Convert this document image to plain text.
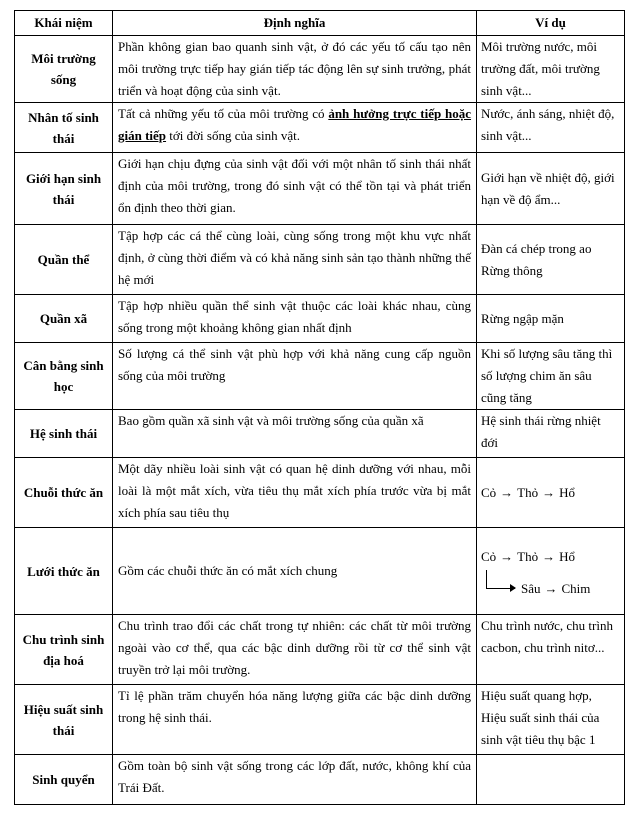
Khái niệm	Định nghĩa	Ví dụ
Môi trường sống	Phần không gian bao quanh sinh vật, ở đó các yếu tố cấu tạo nên môi trường trực tiếp hay gián tiếp tác động lên sự sinh trưởng, phát triển và hoạt động của sinh vật.	Môi trường nước, môi trường đất, môi trường sinh vật...
Nhân tố sinh thái	Tất cả những yếu tố của môi trường có ảnh hưởng trực tiếp hoặc gián tiếp tới đời sống của sinh vật.	Nước, ánh sáng, nhiệt độ, sinh vật...
Giới hạn sinh thái	Giới hạn chịu đựng của sinh vật đối với một nhân tố sinh thái nhất định của môi trường, trong đó sinh vật có thể tồn tại và phát triển ổn định theo thời gian.	Giới hạn về nhiệt độ, giới hạn về độ ẩm...
Quần thể	Tập hợp các cá thể cùng loài, cùng sống trong một khu vực nhất định, ở cùng thời điểm và có khả năng sinh sản tạo thành những thế hệ mới	Đàn cá chép trong ao
Rừng thông

Quần xã	Tập hợp nhiều quần thể sinh vật thuộc các loài khác nhau, cùng sống trong một khoảng không gian nhất định	Rừng ngập mặn
Cân bằng sinh học	Số lượng cá thể sinh vật phù hợp với khả năng cung cấp nguồn sống của môi trường	Khi số lượng sâu tăng thì số lượng chim ăn sâu cũng tăng
Hệ sinh thái	Bao gồm quần xã sinh vật và môi trường sống của quần xã	Hệ sinh thái rừng nhiệt đới
Chuỗi thức ăn	Một dãy nhiều loài sinh vật có quan hệ dinh dưỡng với nhau, mỗi loài là một mắt xích, vừa tiêu thụ mắt xích phía trước vừa bị mắt xích phía sau tiêu thụ	Cỏ → Thỏ → Hổ
Lưới thức ăn	Gồm các chuỗi thức ăn có mắt xích chung	Cỏ → Thỏ → Hổ
Sâu → Chim

Chu trình sinh địa hoá	Chu trình trao đổi các chất trong tự nhiên: các chất từ môi trường ngoài vào cơ thể, qua các bậc dinh dưỡng rồi từ cơ thể sinh vật truyền trở lại môi trường.	Chu trình nước, chu trình cacbon, chu trình nitơ...
Hiệu suất sinh thái	Tỉ lệ phần trăm chuyển hóa năng lượng giữa các bậc dinh dưỡng trong hệ sinh thái.	Hiệu suất quang hợp, Hiệu suất sinh thái của sinh vật tiêu thụ bậc 1
Sinh quyển	Gồm toàn bộ sinh vật sống trong các lớp đất, nước, không khí của Trái Đất.	
